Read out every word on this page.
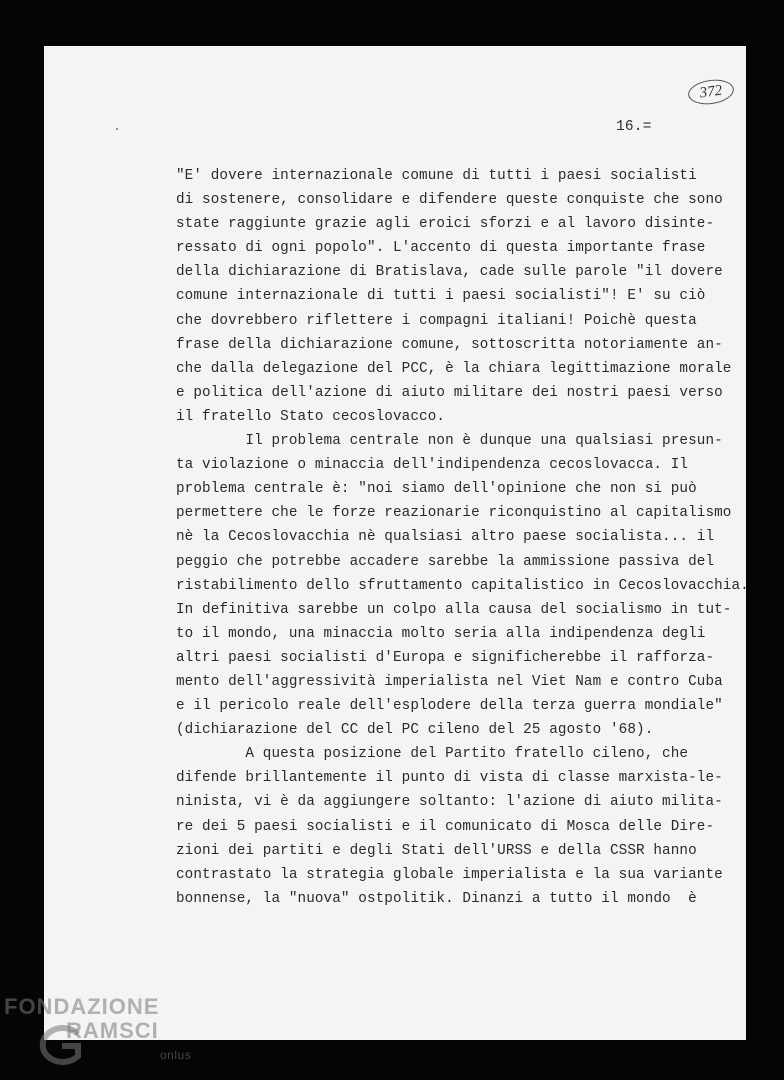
372
16.=
"E' dovere internazionale comune di tutti i paesi socialisti
di sostenere, consolidare e difendere queste conquiste che sono
state raggiunte grazie agli eroici sforzi e al lavoro disinte-
ressato di ogni popolo". L'accento di questa importante frase
della dichiarazione di Bratislava, cade sulle parole "il dovere
comune internazionale di tutti i paesi socialisti"! E' su ciò
che dovrebbero riflettere i compagni italiani! Poichè questa
frase della dichiarazione comune, sottoscritta notoriamente an-
che dalla delegazione del PCC, è la chiara legittimazione morale
e politica dell'azione di aiuto militare dei nostri paesi verso
il fratello Stato cecoslovacco.
Il problema centrale non è dunque una qualsiasi presun-
ta violazione o minaccia dell'indipendenza cecoslovacca. Il
problema centrale è: "noi siamo dell'opinione che non si può
permettere che le forze reazionarie riconquistino al capitalismo
nè la Cecoslovacchia nè qualsiasi altro paese socialista... il
peggio che potrebbe accadere sarebbe la ammissione passiva del
ristabilimento dello sfruttamento capitalistico in Cecoslovacchia.
In definitiva sarebbe un colpo alla causa del socialismo in tut-
to il mondo, una minaccia molto seria alla indipendenza degli
altri paesi socialisti d'Europa e significherebbe il rafforza-
mento dell'aggressività imperialista nel Viet Nam e contro Cuba
e il pericolo reale dell'esplodere della terza guerra mondiale"
(dichiarazione del CC del PC cileno del 25 agosto '68).
A questa posizione del Partito fratello cileno, che
difende brillantemente il punto di vista di classe marxista-le-
ninista, vi è da aggiungere soltanto: l'azione di aiuto milita-
re dei 5 paesi socialisti e il comunicato di Mosca delle Dire-
zioni dei partiti e degli Stati dell'URSS e della CSSR hanno
contrastato la strategia globale imperialista e la sua variante
bonnense, la "nuova" ostpolitik. Dinanzi a tutto il mondo  è
FONDAZIONE
RAMSCI
onlus
